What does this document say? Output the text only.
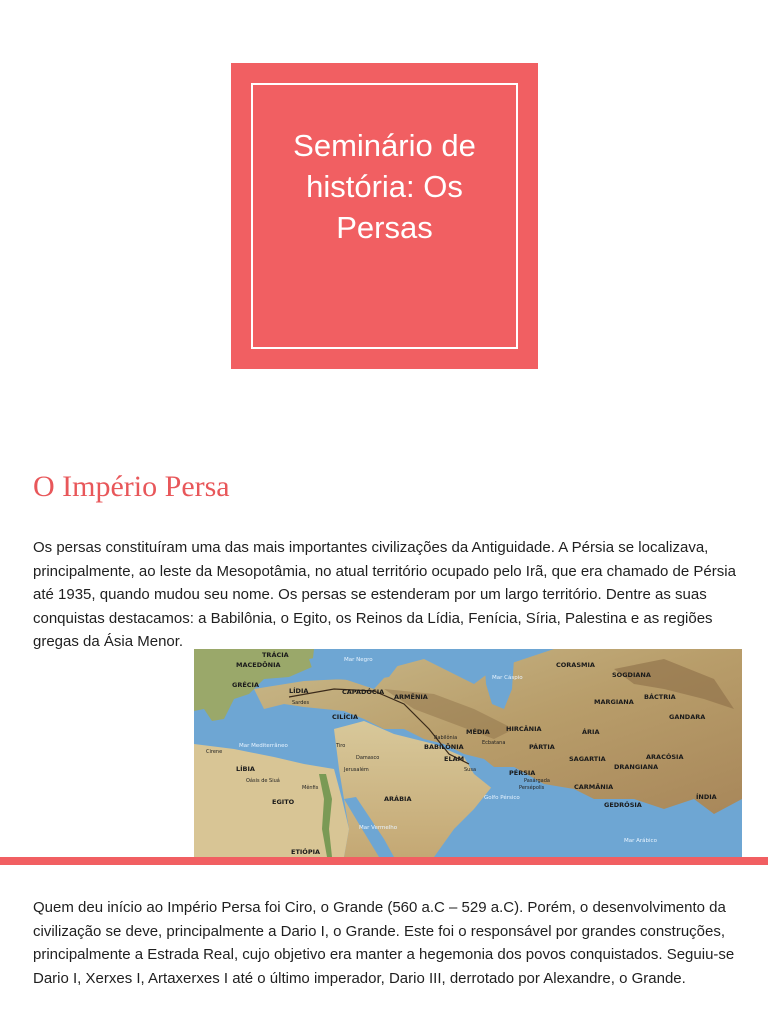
Seminário de história: Os Persas
O Império Persa

Os persas constituíram uma das mais importantes civilizações da Antiguidade. A Pérsia se localizava, principalmente, ao leste da Mesopotâmia, no atual território ocupado pelo Irã, que era chamado de Pérsia até 1935, quando mudou seu nome. Os persas se estenderam por um largo território. Dentre as suas conquistas destacamos: a Babilônia, o Egito, os Reinos da Lídia, Fenícia, Síria, Palestina e as regiões gregas da Ásia Menor.

MACEDÔNIA
TRÁCIA
GRÉCIA
LÍDIA	CAPADÓCIA
ARMÊNIA
CILÍCIA
LÍBIA
EGITO	ARÁBIA
ETIÓPIA
BABILÔNIA
ELAM
MÉDIA HIRCÂNIA
PÁRTIA
PÉRSIA
CORASMIA
SOGDIANA
MARGIANA
BÁCTRIA
ÁRIA
GANDARA
SAGARTIA
DRANGIANA
ARACÓSIA
CARMÂNIA
GEDRÓSIA
ÍNDIA
Mar Negro
Mar Mediterrâneo
Mar Cáspio
Golfo Pérsico
Mar Vermelho
Mar Arábico
Sardes
Susa
Babilônia
Persépolis
Pasárgada
Ecbatana
Tiro
Jerusalém
Damasco
Mênfis
Cirene
Oásis de Siuá

Quem deu início ao Império Persa foi Ciro, o Grande (560 a.C – 529 a.C). Porém, o desenvolvimento da civilização se deve, principalmente a Dario I, o Grande. Este foi o responsável por grandes construções, principalmente a Estrada Real, cujo objetivo era manter a hegemonia dos povos conquistados. Seguiu-se Dario I, Xerxes I, Artaxerxes I até o último imperador, Dario III, derrotado por Alexandre, o Grande.
